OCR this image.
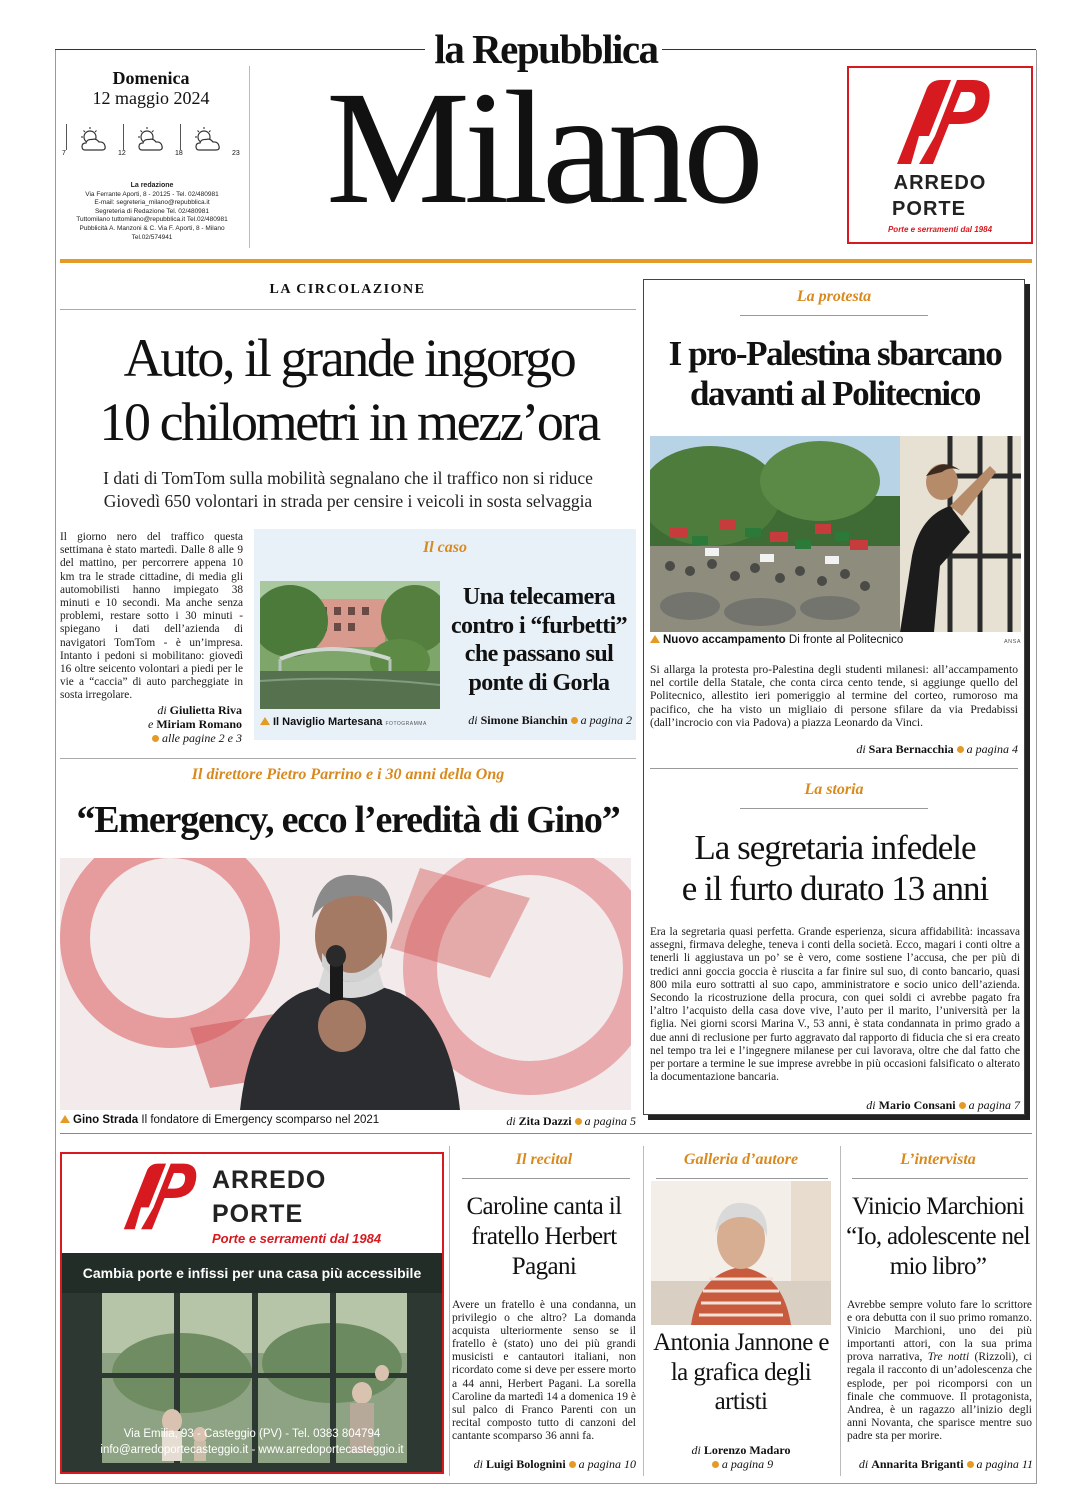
la Repubblica
Domenica
12 maggio 2024
7	12	18	23
La redazione
Via Ferrante Aporti, 8 - 20125 - Tel. 02/480981
E-mail: segreteria_milano@repubblica.it
Segreteria di Redazione Tel. 02/480981
Tuttomilano tuttomilano@repubblica.it Tel.02/480981
Pubblicità A. Manzoni & C. Via F. Aporti, 8 - Milano
Tel.02/574941 Milano	ARREDO
PORTE
Porte e serramenti dal 1984
LA CIRCOLAZIONE
Auto, il grande ingorgo
10 chilometri in mezz’ora
I dati di TomTom sulla mobilità segnalano che il traffico non si riduce
Giovedì 650 volontari in strada per censire i veicoli in sosta selvaggia
Il giorno nero del traffico questa settimana è stato martedì. Dalle 8 alle 9 del mattino, per percorrere appena 10 km tra le strade cittadine, di media gli automobilisti hanno impiegato 38 minuti e 10 secondi. Ma anche senza problemi, restare sotto i 30 minuti - spiegano i dati dell’azienda di navigatori TomTom - è un’impresa. Intanto i pedoni si mobilitano: giovedì 16 oltre seicento volontari a piedi per le vie a “caccia” di auto parcheggiate in sosta irregolare.
di Giulietta Riva
e Miriam Romano
alle pagine 2 e 3
Il caso
Una telecamera contro i “furbetti” che passano sul ponte di Gorla
Il Naviglio Martesana FOTOGRAMMA	di Simone Bianchin a pagina 2
Il direttore Pietro Parrino e i 30 anni della Ong
“Emergency, ecco l’eredità di Gino”
Gino Strada Il fondatore di Emergency scomparso nel 2021	di Zita Dazzi a pagina 5
La protesta
I pro-Palestina sbarcano
davanti al Politecnico
Nuovo accampamento Di fronte al Politecnico	ANSA
Si allarga la protesta pro-Palestina degli studenti milanesi: all’accampamento nel cortile della Statale, che conta circa cento tende, si aggiunge quello del Politecnico, allestito ieri pomeriggio al termine del corteo, rumoroso ma pacifico, che ha visto un migliaio di persone sfilare da via Predabissi (dall’incrocio con via Padova) a piazza Leonardo da Vinci.
di Sara Bernacchia a pagina 4
La storia
La segretaria infedele
e il furto durato 13 anni
Era la segretaria quasi perfetta. Grande esperienza, sicura affidabilità: incassava assegni, firmava deleghe, teneva i conti della società. Ecco, magari i conti oltre a tenerli li aggiustava un po’ se è vero, come sostiene l’accusa, che per più di tredici anni goccia goccia è riuscita a far finire sul suo, di conto bancario, quasi 800 mila euro sottratti al suo capo, amministratore e socio unico dell’azienda. Secondo la ricostruzione della procura, con quei soldi ci avrebbe pagato fra l’altro l’acquisto della casa dove vive, l’auto per il marito, l’università per la figlia. Nei giorni scorsi Marina V., 53 anni, è stata condannata in primo grado a due anni di reclusione per furto aggravato dal rapporto di fiducia che si era creato nel tempo tra lei e l’ingegnere milanese per cui lavorava, oltre che dal fatto che per portare a termine le sue imprese avrebbe in più occasioni falsificato o alterato la documentazione bancaria.
di Mario Consani a pagina 7
ARREDO
PORTE
Porte e serramenti dal 1984
Cambia porte e infissi per una casa più accessibile
Via Emilia, 93 - Casteggio (PV) - Tel. 0383 804794
info@arredoportecasteggio.it - www.arredoportecasteggio.it
Il recital
Caroline canta il fratello Herbert Pagani
Avere un fratello è una condanna, un privilegio o che altro? La domanda acquista ulteriormente senso se il fratello è (stato) uno dei più grandi musicisti e cantautori italiani, non ricordato come si deve per essere morto a 44 anni, Herbert Pagani. La sorella Caroline da martedì 14 a domenica 19 è sul palco di Franco Parenti con un recital composto tutto di canzoni del cantante scomparso 36 anni fa.
di Luigi Bolognini a pagina 10
Galleria d’autore
Antonia Jannone e la grafica degli artisti
di Lorenzo Madaro
a pagina 9
L’intervista
Vinicio Marchioni “Io, adolescente nel mio libro”
Avrebbe sempre voluto fare lo scrittore e ora debutta con il suo primo romanzo. Vinicio Marchioni, uno dei più importanti attori, con la sua prima prova narrativa, Tre notti (Rizzoli), ci regala il racconto di un’adolescenza che esplode, per poi ricomporsi con un finale che commuove. Il protagonista, Andrea, è un ragazzo all’inizio degli anni Novanta, che sparisce mentre suo padre sta per morire.
di Annarita Briganti a pagina 11
